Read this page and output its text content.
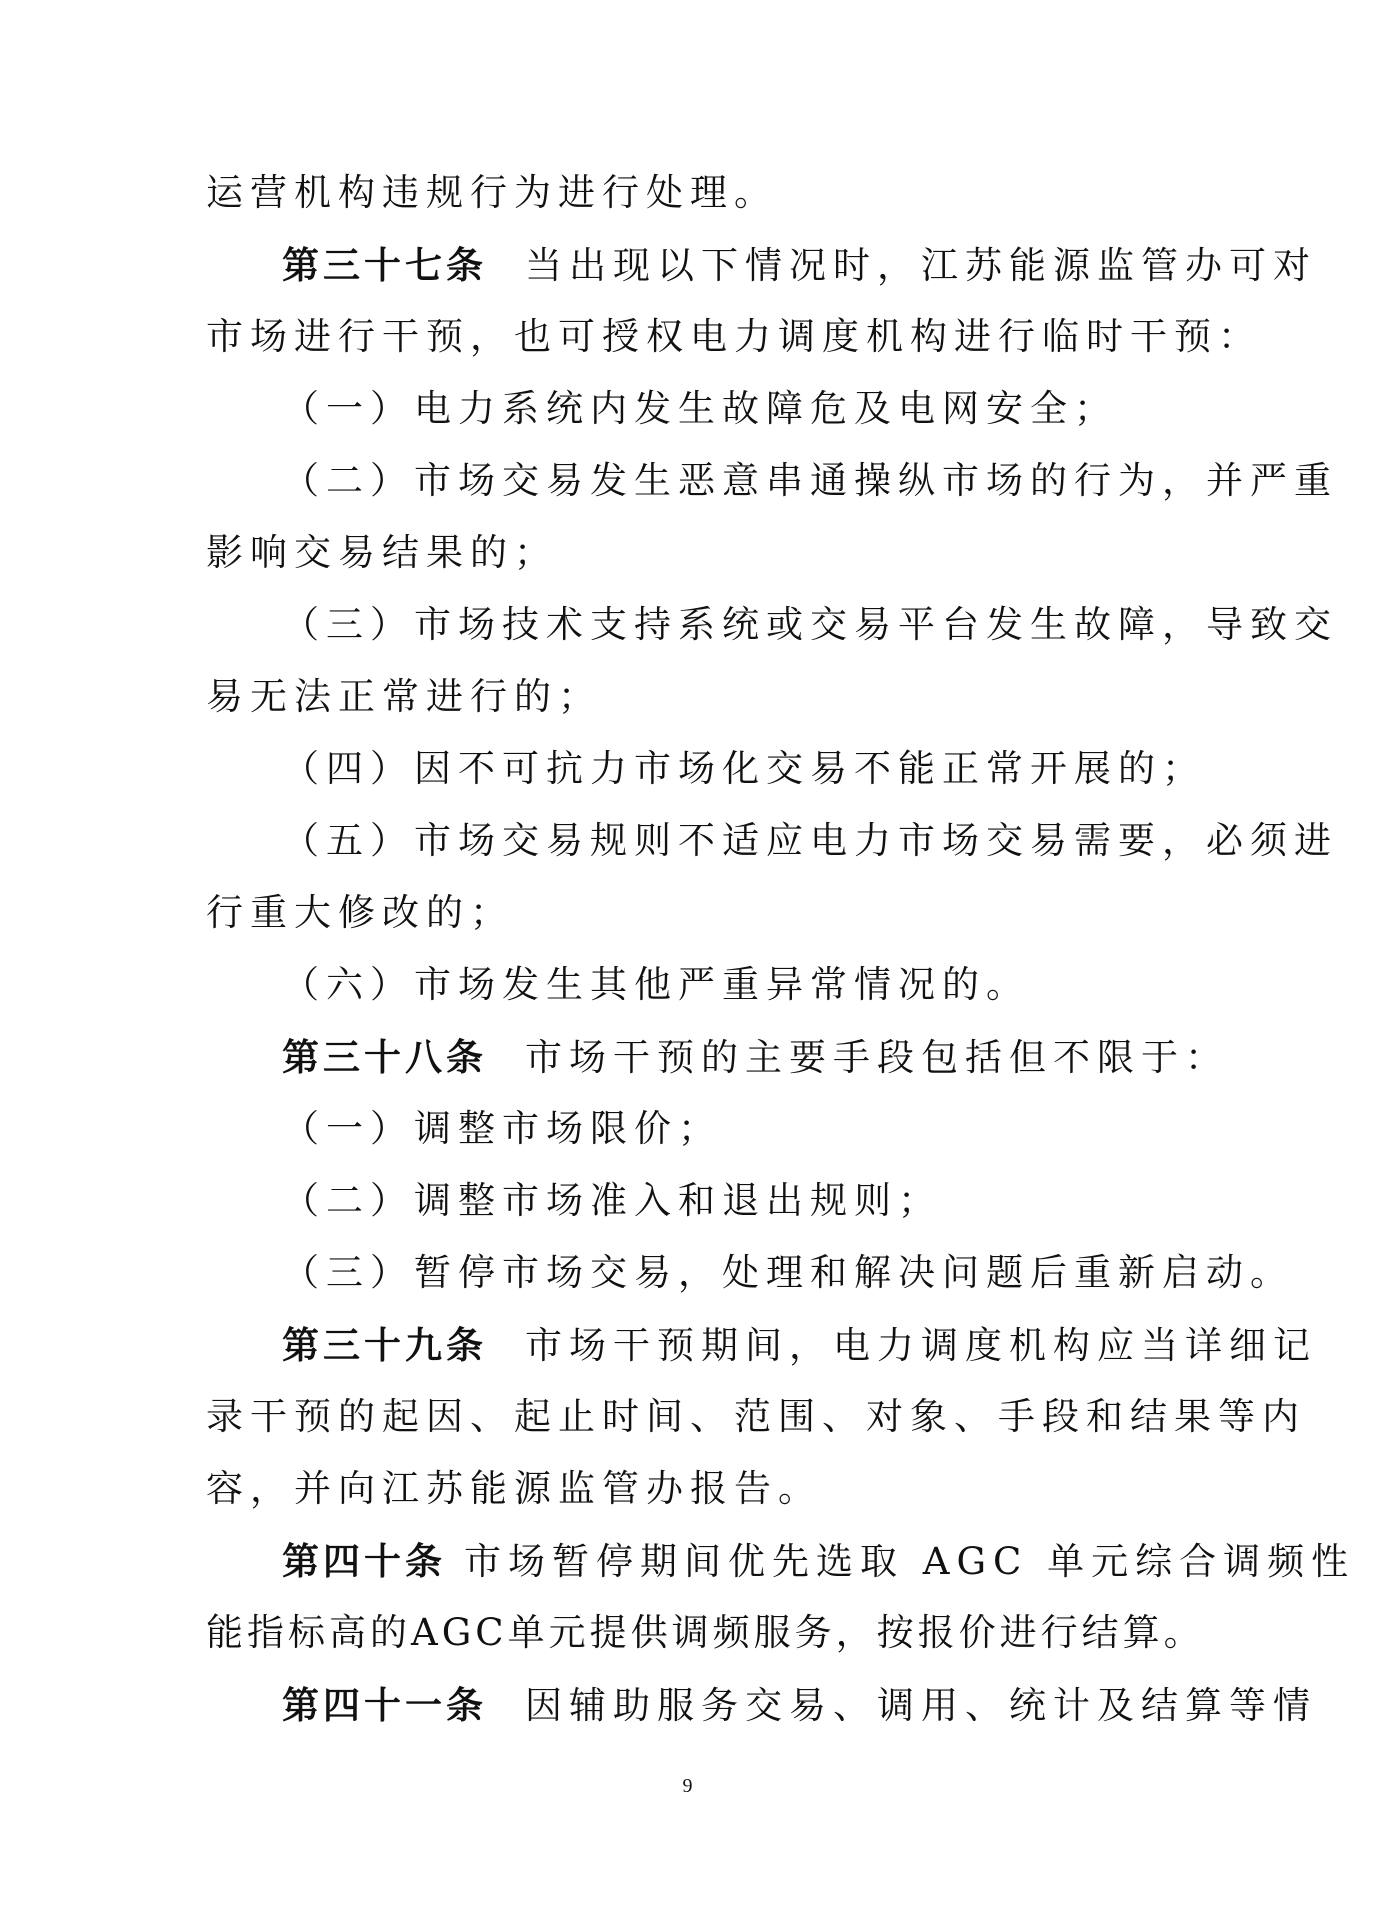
运营机构违规行为进行处理。
第三十七条 当出现以下情况时，江苏能源监管办可对
市场进行干预，也可授权电力调度机构进行临时干预：
（一）电力系统内发生故障危及电网安全；
（二）市场交易发生恶意串通操纵市场的行为，并严重
影响交易结果的；
（三）市场技术支持系统或交易平台发生故障，导致交
易无法正常进行的；
（四）因不可抗力市场化交易不能正常开展的；
（五）市场交易规则不适应电力市场交易需要，必须进
行重大修改的；
（六）市场发生其他严重异常情况的。
第三十八条 市场干预的主要手段包括但不限于：
（一）调整市场限价；
（二）调整市场准入和退出规则；
（三）暂停市场交易，处理和解决问题后重新启动。
第三十九条 市场干预期间，电力调度机构应当详细记
录干预的起因、起止时间、范围、对象、手段和结果等内
容，并向江苏能源监管办报告。
第四十条 市场暂停期间优先选取 AGC 单元综合调频性
能指标高的AGC单元提供调频服务，按报价进行结算。
第四十一条 因辅助服务交易、调用、统计及结算等情
9
